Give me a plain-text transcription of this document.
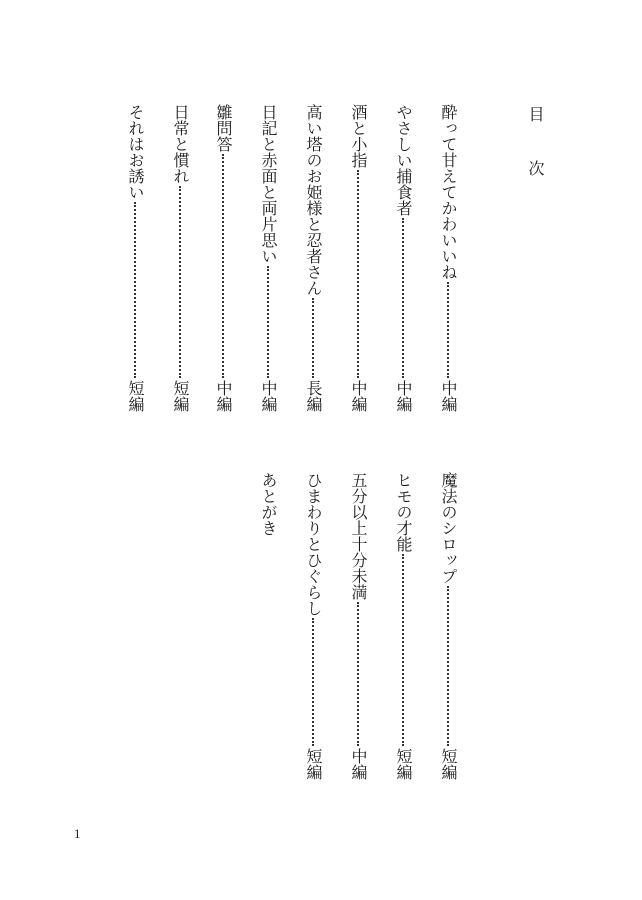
目次
酔って甘えてかわいいね
中編
やさしい捕食者
中編
酒と小指
中編
高い塔のお姫様と忍者さん
長編
日記と赤面と両片思い
中編
雛問答
中編
日常と慣れ
短編
それはお誘い
短編
魔法のシロップ
短編
ヒモの才能
短編
五分以上十分未満
中編
ひまわりとひぐらし
短編
あとがき
1
